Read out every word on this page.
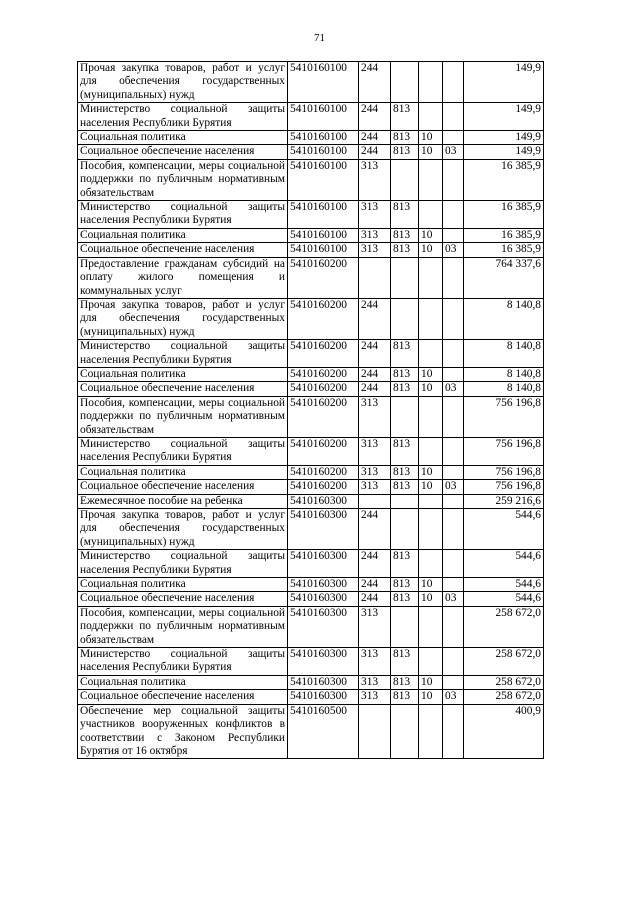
71
Прочая закупка товаров, работ и услуг для обеспечения государственных (муниципальных) нужд	5410160100	244				149,9
Министерство социальной защиты населения Республики Бурятия	5410160100	244	813			149,9
Социальная политика	5410160100	244	813	10		149,9
Социальное обеспечение населения	5410160100	244	813	10	03	149,9
Пособия, компенсации, меры социальной поддержки по публичным нормативным обязательствам	5410160100	313				16 385,9
Министерство социальной защиты населения Республики Бурятия	5410160100	313	813			16 385,9
Социальная политика	5410160100	313	813	10		16 385,9
Социальное обеспечение населения	5410160100	313	813	10	03	16 385,9
Предоставление гражданам субсидий на оплату жилого помещения и коммунальных услуг	5410160200					764 337,6
Прочая закупка товаров, работ и услуг для обеспечения государственных (муниципальных) нужд	5410160200	244				8 140,8
Министерство социальной защиты населения Республики Бурятия	5410160200	244	813			8 140,8
Социальная политика	5410160200	244	813	10		8 140,8
Социальное обеспечение населения	5410160200	244	813	10	03	8 140,8
Пособия, компенсации, меры социальной поддержки по публичным нормативным обязательствам	5410160200	313				756 196,8
Министерство социальной защиты населения Республики Бурятия	5410160200	313	813			756 196,8
Социальная политика	5410160200	313	813	10		756 196,8
Социальное обеспечение населения	5410160200	313	813	10	03	756 196,8
Ежемесячное пособие на ребенка	5410160300					259 216,6
Прочая закупка товаров, работ и услуг для обеспечения государственных (муниципальных) нужд	5410160300	244				544,6
Министерство социальной защиты населения Республики Бурятия	5410160300	244	813			544,6
Социальная политика	5410160300	244	813	10		544,6
Социальное обеспечение населения	5410160300	244	813	10	03	544,6
Пособия, компенсации, меры социальной поддержки по публичным нормативным обязательствам	5410160300	313				258 672,0
Министерство социальной защиты населения Республики Бурятия	5410160300	313	813			258 672,0
Социальная политика	5410160300	313	813	10		258 672,0
Социальное обеспечение населения	5410160300	313	813	10	03	258 672,0
Обеспечение мер социальной защиты участников вооруженных конфликтов в соответствии с Законом Республики Бурятия от 16 октября	5410160500					400,9
